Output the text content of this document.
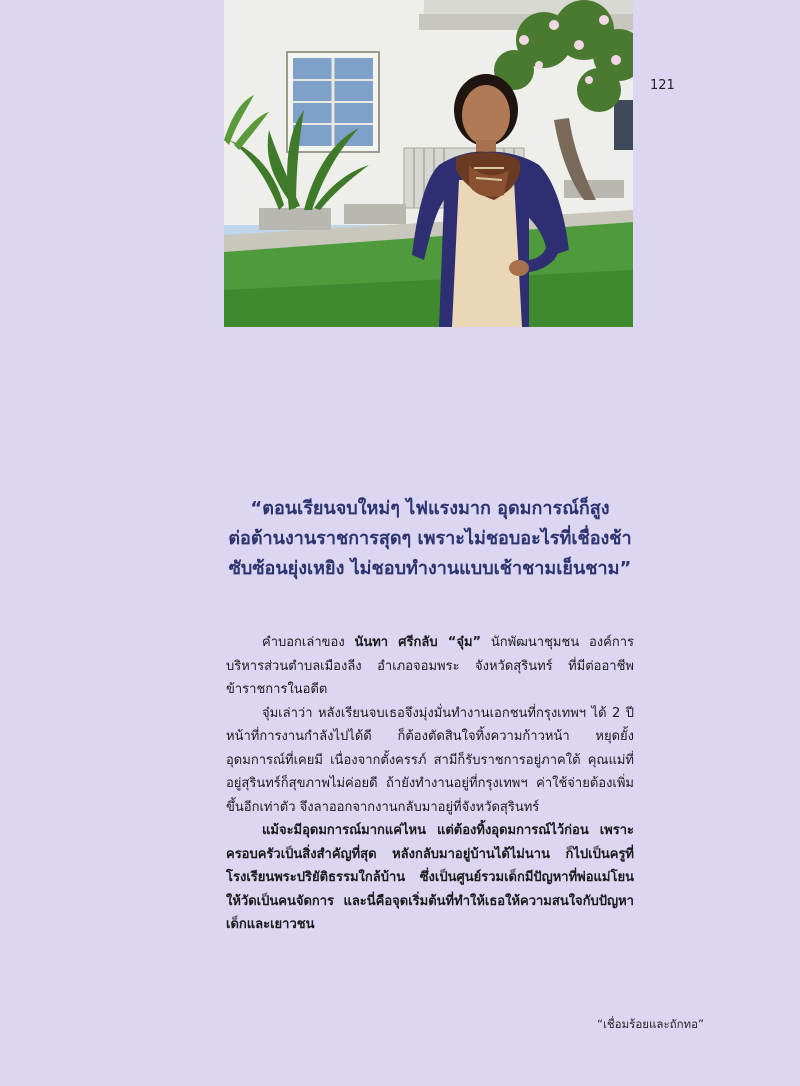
121
“ตอนเรียนจบใหม่ๆ ไฟแรงมาก อุดมการณ์ก็สูง
ต่อต้านงานราชการสุดๆ เพราะไม่ชอบอะไรที่เชื่องช้า
ซับซ้อนยุ่งเหยิง ไม่ชอบทำงานแบบเช้าชามเย็นชาม”

คำบอกเล่าของ นันทา ศรีกลับ “จุ๋ม” นักพัฒนาชุมชน องค์การบริหารส่วนตำบลเมืองลีง อำเภอจอมพระ จังหวัดสุรินทร์ ที่มีต่ออาชีพข้าราชการในอดีต

จุ๋มเล่าว่า หลังเรียนจบเธอจึงมุ่งมั่นทำงานเอกชนที่กรุงเทพฯ ได้ 2 ปี หน้าที่การงานกำลังไปได้ดี ก็ต้องตัดสินใจทิ้งความก้าวหน้า หยุดยั้งอุดมการณ์ที่เคยมี เนื่องจากตั้งครรภ์ สามีก็รับราชการอยู่ภาคใต้ คุณแม่ที่อยู่สุรินทร์ก็สุขภาพไม่ค่อยดี ถ้ายังทำงานอยู่ที่กรุงเทพฯ ค่าใช้จ่ายต้องเพิ่มขึ้นอีกเท่าตัว จึงลาออกจากงานกลับมาอยู่ที่จังหวัดสุรินทร์

แม้จะมีอุดมการณ์มากแค่ไหน แต่ต้องทิ้งอุดมการณ์ไว้ก่อน เพราะครอบครัวเป็นสิ่งสำคัญที่สุด หลังกลับมาอยู่บ้านได้ไม่นาน ก็ไปเป็นครูที่โรงเรียนพระปริยัติธรรมใกล้บ้าน ซึ่งเป็นศูนย์รวมเด็กมีปัญหาที่พ่อแม่โยนให้วัดเป็นคนจัดการ และนี่คือจุดเริ่มต้นที่ทำให้เธอให้ความสนใจกับปัญหาเด็กและเยาวชน

“เชื่อมร้อยและถักทอ”
